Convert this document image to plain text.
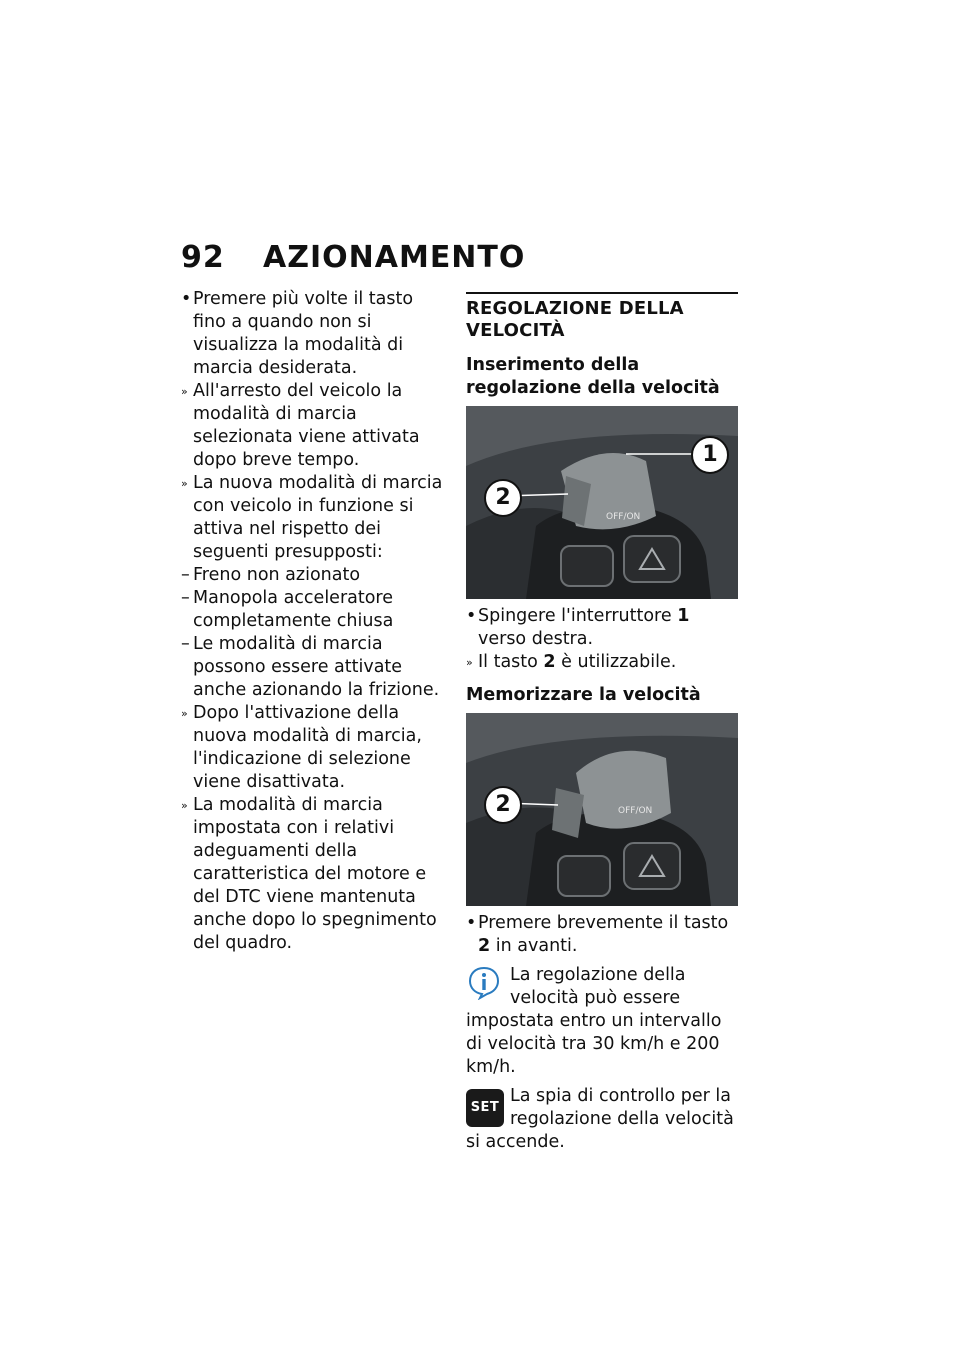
92 AZIONAMENTO

•
Premere più volte il tasto fino a quando non si visualizza la modalità di marcia desiderata.

» All'arresto del veicolo la modalità di marcia selezionata viene attivata dopo breve tempo.

» La nuova modalità di marcia con veicolo in funzione si attiva nel rispetto dei seguenti presupposti:

– Freno non azionato

– Manopola acceleratore completamente chiusa

– Le modalità di marcia possono essere attivate anche azionando la frizione.

» Dopo l'attivazione della nuova modalità di marcia, l'indicazione di selezione viene disattivata.

» La modalità di marcia impostata con i relativi adeguamenti della caratteristica del motore e del DTC viene mantenuta anche dopo lo spegnimento del quadro.

REGOLAZIONE DELLA VELOCITÀ
Inserimento della regolazione della velocità
OFF/ON
1
2

•
Spingere l'interruttore 1 verso destra.

» Il tasto 2 è utilizzabile.

Memorizzare la velocità
OFF/ON
2

•
Premere brevemente il tasto 2 in avanti.

La regolazione della velocità può essere impostata entro un intervallo di velocità tra 30 km/h e 200 km/h.

SET

La spia di controllo per la regolazione della velocità si accende.
